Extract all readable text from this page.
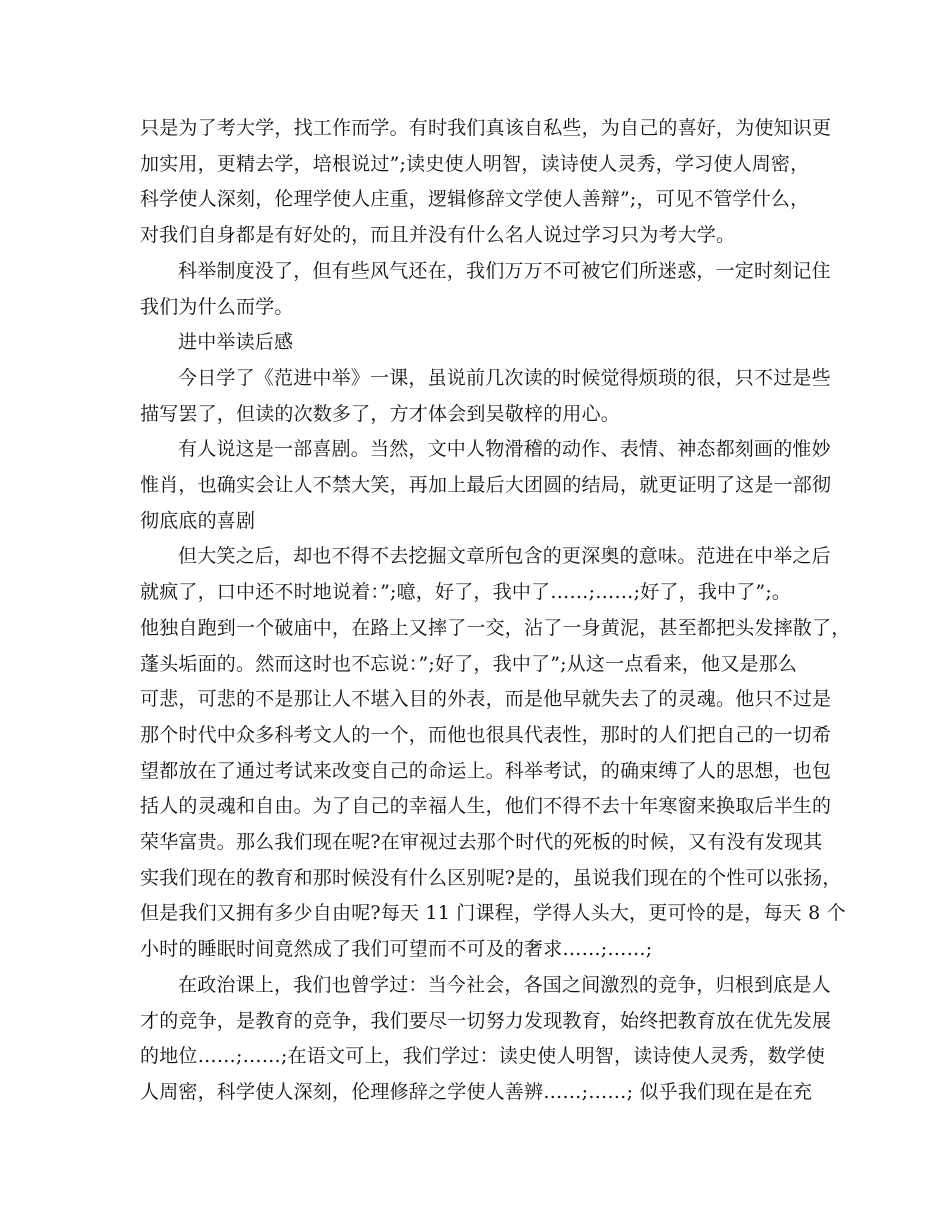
只是为了考大学，找工作而学。有时我们真该自私些，为自己的喜好，为使知识更
加实用，更精去学，培根说过”;读史使人明智，读诗使人灵秀，学习使人周密，
科学使人深刻，伦理学使人庄重，逻辑修辞文学使人善辩”;，可见不管学什么，
对我们自身都是有好处的，而且并没有什么名人说过学习只为考大学。

科举制度没了，但有些风气还在，我们万万不可被它们所迷惑，一定时刻记住
我们为什么而学。

进中举读后感

今日学了《范进中举》一课，虽说前几次读的时候觉得烦琐的很，只不过是些
描写罢了，但读的次数多了，方才体会到吴敬梓的用心。

有人说这是一部喜剧。当然，文中人物滑稽的动作、表情、神态都刻画的惟妙
惟肖，也确实会让人不禁大笑，再加上最后大团圆的结局，就更证明了这是一部彻
彻底底的喜剧

但大笑之后，却也不得不去挖掘文章所包含的更深奥的意味。范进在中举之后
就疯了，口中还不时地说着：”;噫，好了，我中了……;……;好了，我中了”;。
他独自跑到一个破庙中，在路上又摔了一交，沾了一身黄泥，甚至都把头发摔散了，
蓬头垢面的。然而这时也不忘说：”;好了，我中了”;从这一点看来，他又是那么
可悲，可悲的不是那让人不堪入目的外表，而是他早就失去了的灵魂。他只不过是
那个时代中众多科考文人的一个，而他也很具代表性，那时的人们把自己的一切希
望都放在了通过考试来改变自己的命运上。科举考试，的确束缚了人的思想，也包
括人的灵魂和自由。为了自己的幸福人生，他们不得不去十年寒窗来换取后半生的
荣华富贵。那么我们现在呢?在审视过去那个时代的死板的时候，又有没有发现其
实我们现在的教育和那时候没有什么区别呢?是的，虽说我们现在的个性可以张扬，
但是我们又拥有多少自由呢?每天 11 门课程，学得人头大，更可怜的是，每天 8 个
小时的睡眠时间竟然成了我们可望而不可及的奢求……;……;

在政治课上，我们也曾学过：当今社会，各国之间激烈的竞争，归根到底是人
才的竞争，是教育的竞争，我们要尽一切努力发现教育，始终把教育放在优先发展
的地位……;……;在语文可上，我们学过：读史使人明智，读诗使人灵秀，数学使
人周密，科学使人深刻，伦理修辞之学使人善辨……;……; 似乎我们现在是在充
